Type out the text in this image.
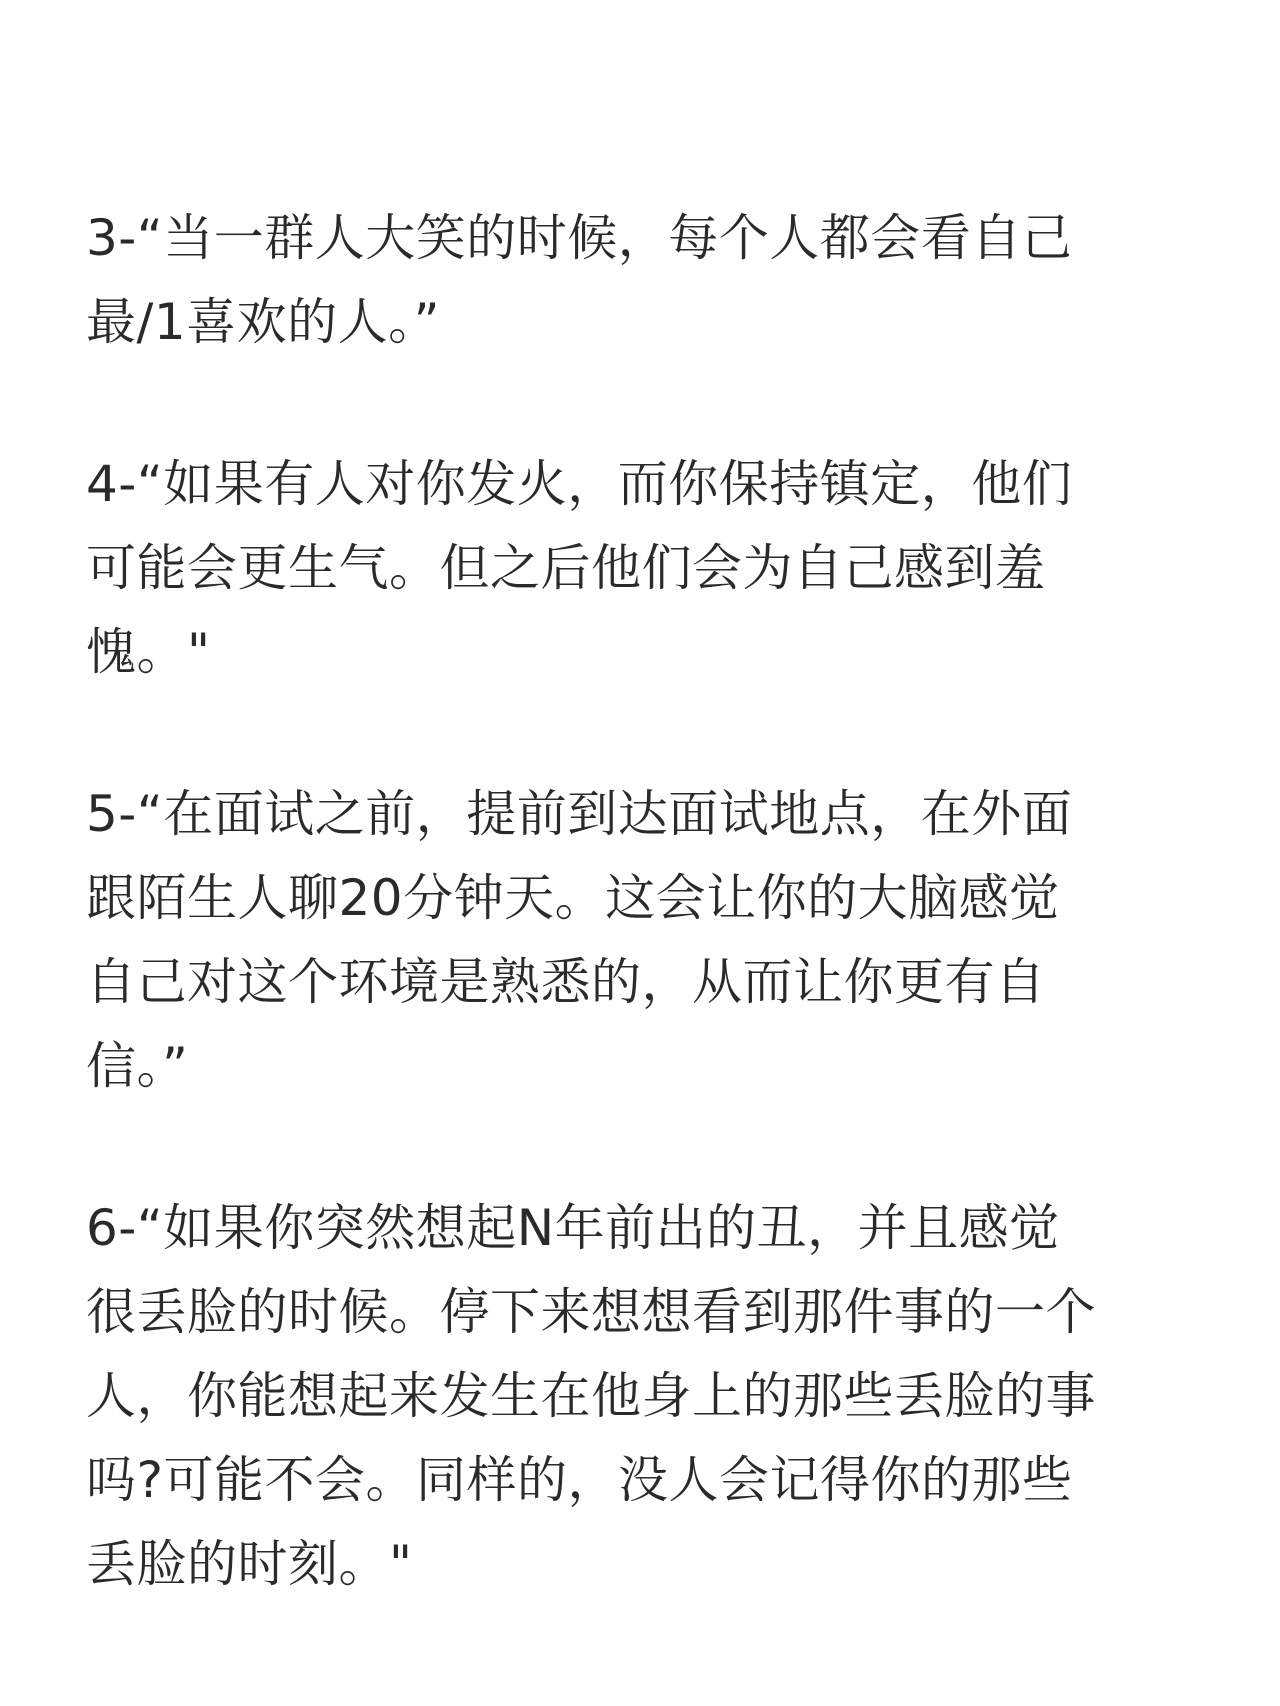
3-“当一群人大笑的时候，每个人都会看自己
最/1喜欢的人。”

4-“如果有人对你发火，而你保持镇定，他们
可能会更生气。但之后他们会为自己感到羞
愧。"

5-“在面试之前，提前到达面试地点，在外面
跟陌生人聊20分钟天。这会让你的大脑感觉
自己对这个环境是熟悉的，从而让你更有自
信。”

6-“如果你突然想起N年前出的丑，并且感觉
很丢脸的时候。停下来想想看到那件事的一个
人，你能想起来发生在他身上的那些丢脸的事
吗?可能不会。同样的，没人会记得你的那些
丢脸的时刻。"
